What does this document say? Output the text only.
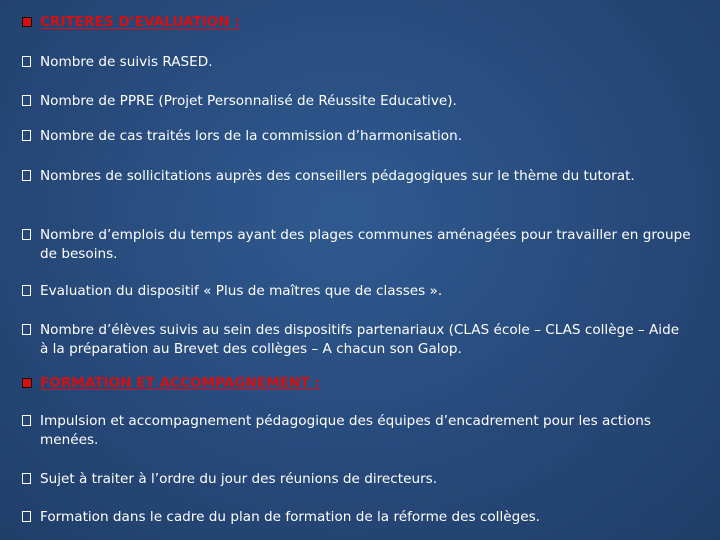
CRITERES D’EVALUATION :
Nombre de suivis RASED.
Nombre de PPRE (Projet Personnalisé de Réussite Educative).
Nombre de cas traités lors de la commission d’harmonisation.
Nombres de sollicitations auprès des conseillers pédagogiques sur le thème du tutorat.
Nombre d’emplois du temps ayant des plages communes aménagées pour travailler en groupe de besoins.
Evaluation du dispositif « Plus de maîtres que de classes ».
Nombre d’élèves suivis au sein des dispositifs partenariaux (CLAS école – CLAS collège – Aide à la préparation au Brevet des collèges – A chacun son Galop.
FORMATION ET ACCOMPAGNEMENT :
Impulsion et accompagnement pédagogique des équipes d’encadrement pour les actions menées.
Sujet à traiter à l’ordre du jour des réunions de directeurs.
Formation dans le cadre du plan de formation de la réforme des collèges.
